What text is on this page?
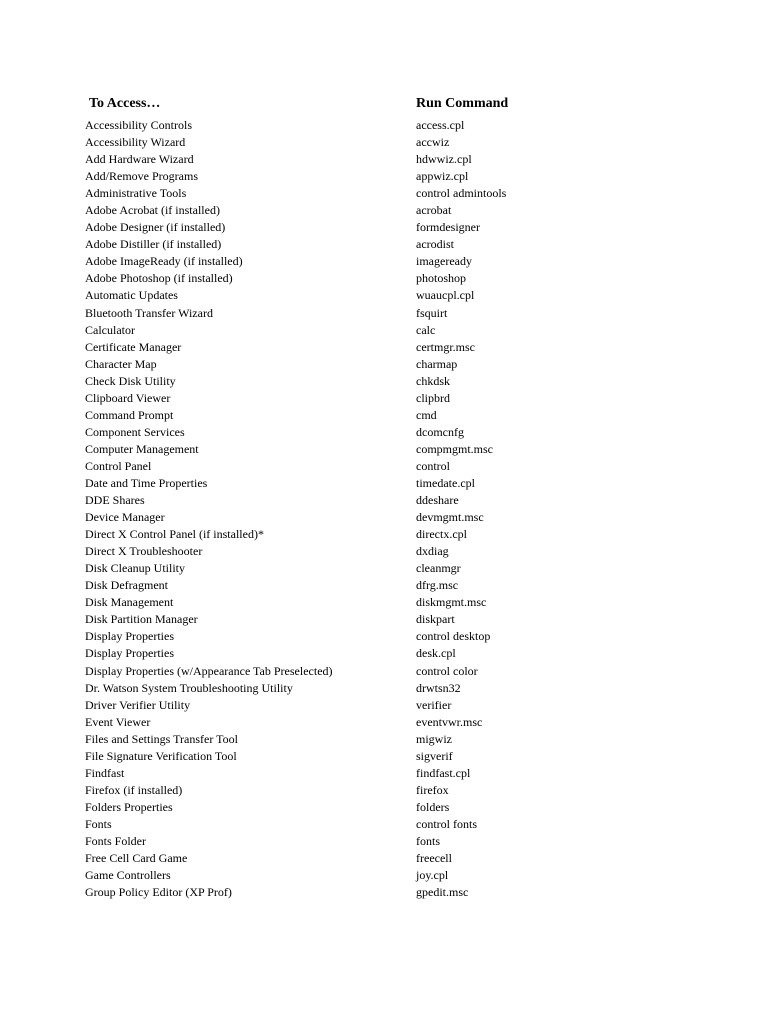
To Access…	Run Command
Accessibility Controls	access.cpl
Accessibility Wizard	accwiz
Add Hardware Wizard	hdwwiz.cpl
Add/Remove Programs	appwiz.cpl
Administrative Tools	control admintools
Adobe Acrobat (if installed)	acrobat
Adobe Designer (if installed)	formdesigner
Adobe Distiller (if installed)	acrodist
Adobe ImageReady (if installed)	imageready
Adobe Photoshop (if installed)	photoshop
Automatic Updates	wuaucpl.cpl
Bluetooth Transfer Wizard	fsquirt
Calculator	calc
Certificate Manager	certmgr.msc
Character Map	charmap
Check Disk Utility	chkdsk
Clipboard Viewer	clipbrd
Command Prompt	cmd
Component Services	dcomcnfg
Computer Management	compmgmt.msc
Control Panel	control
Date and Time Properties	timedate.cpl
DDE Shares	ddeshare
Device Manager	devmgmt.msc
Direct X Control Panel (if installed)*	directx.cpl
Direct X Troubleshooter	dxdiag
Disk Cleanup Utility	cleanmgr
Disk Defragment	dfrg.msc
Disk Management	diskmgmt.msc
Disk Partition Manager	diskpart
Display Properties	control desktop
Display Properties	desk.cpl
Display Properties (w/Appearance Tab Preselected)	control color
Dr. Watson System Troubleshooting Utility	drwtsn32
Driver Verifier Utility	verifier
Event Viewer	eventvwr.msc
Files and Settings Transfer Tool	migwiz
File Signature Verification Tool	sigverif
Findfast	findfast.cpl
Firefox (if installed)	firefox
Folders Properties	folders
Fonts	control fonts
Fonts Folder	fonts
Free Cell Card Game	freecell
Game Controllers	joy.cpl
Group Policy Editor (XP Prof)	gpedit.msc
